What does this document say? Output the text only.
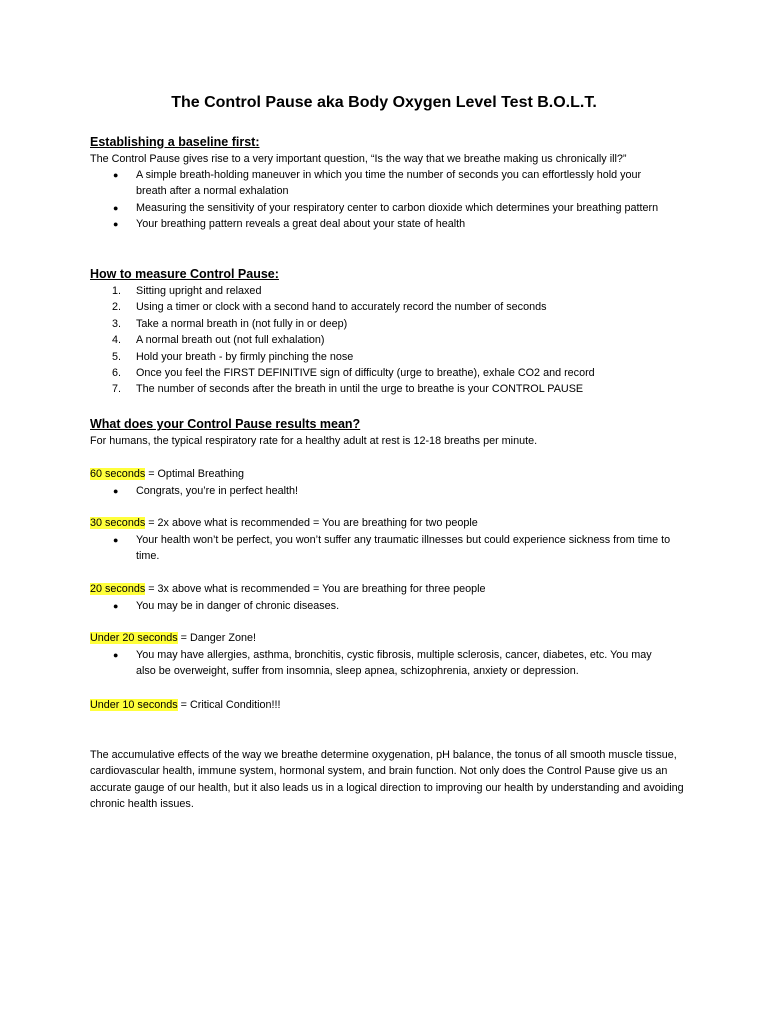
The Control Pause aka Body Oxygen Level Test B.O.L.T.
Establishing a baseline first:

The Control Pause gives rise to a very important question, “Is the way that we breathe making us chronically ill?”

● A simple breath-holding maneuver in which you time the number of seconds you can effortlessly hold your breath after a normal exhalation
● Measuring the sensitivity of your respiratory center to carbon dioxide which determines your breathing pattern
● Your breathing pattern reveals a great deal about your state of health
How to measure Control Pause:
1. Sitting upright and relaxed
2. Using a timer or clock with a second hand to accurately record the number of seconds
3. Take a normal breath in (not fully in or deep)
4. A normal breath out (not full exhalation)
5. Hold your breath - by firmly pinching the nose
6. Once you feel the FIRST DEFINITIVE sign of difficulty (urge to breathe), exhale CO2 and record
7. The number of seconds after the breath in until the urge to breathe is your CONTROL PAUSE
What does your Control Pause results mean?

For humans, the typical respiratory rate for a healthy adult at rest is 12-18 breaths per minute.

60 seconds = Optimal Breathing

● Congrats, you’re in perfect health!

30 seconds = 2x above what is recommended = You are breathing for two people

● Your health won’t be perfect, you won’t suffer any traumatic illnesses but could experience sickness from time to time.

20 seconds = 3x above what is recommended = You are breathing for three people

● You may be in danger of chronic diseases.

Under 20 seconds = Danger Zone!

● You may have allergies, asthma, bronchitis, cystic fibrosis, multiple sclerosis, cancer, diabetes, etc. You may also be overweight, suffer from insomnia, sleep apnea, schizophrenia, anxiety or depression.

Under 10 seconds = Critical Condition!!!

The accumulative effects of the way we breathe determine oxygenation, pH balance, the tonus of all smooth muscle tissue, cardiovascular health, immune system, hormonal system, and brain function. Not only does the Control Pause give us an accurate gauge of our health, but it also leads us in a logical direction to improving our health by understanding and avoiding chronic health issues.
